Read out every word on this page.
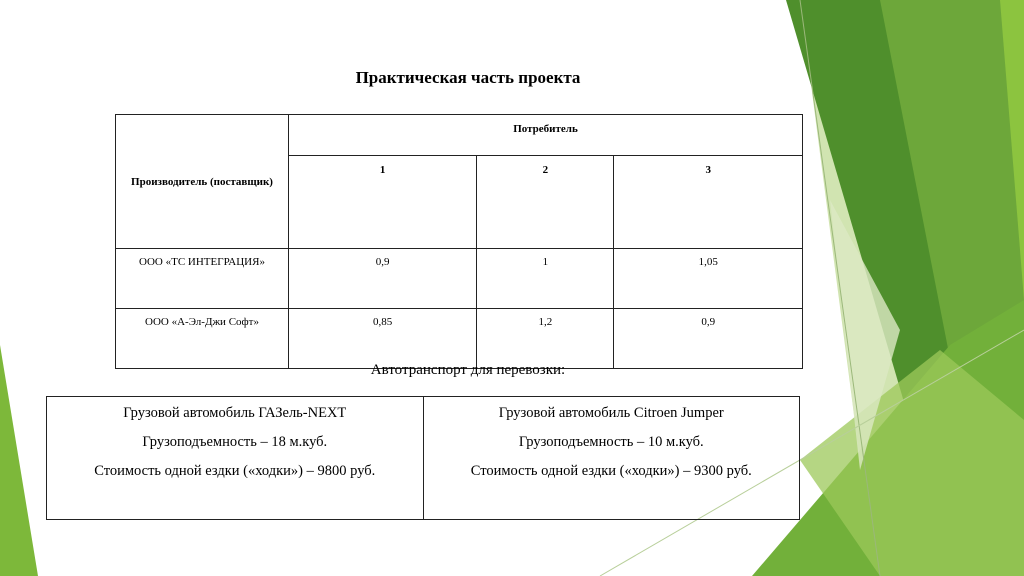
Практическая часть проекта
Производитель (поставщик)	Потребитель		
	1	2	3
ООО «ТС ИНТЕГРАЦИЯ»	0,9	1	1,05
ООО «А-Эл-Джи Софт»	0,85	1,2	0,9
Автотранспорт для перевозки:
Грузовой автомобиль ГАЗель-NEXT
Грузоподъемность – 18 м.куб.
Стоимость одной ездки («ходки») – 9800 руб.

Грузовой автомобиль Citroen Jumper
Грузоподъемность – 10 м.куб.
Стоимость одной ездки («ходки») – 9300 руб.
